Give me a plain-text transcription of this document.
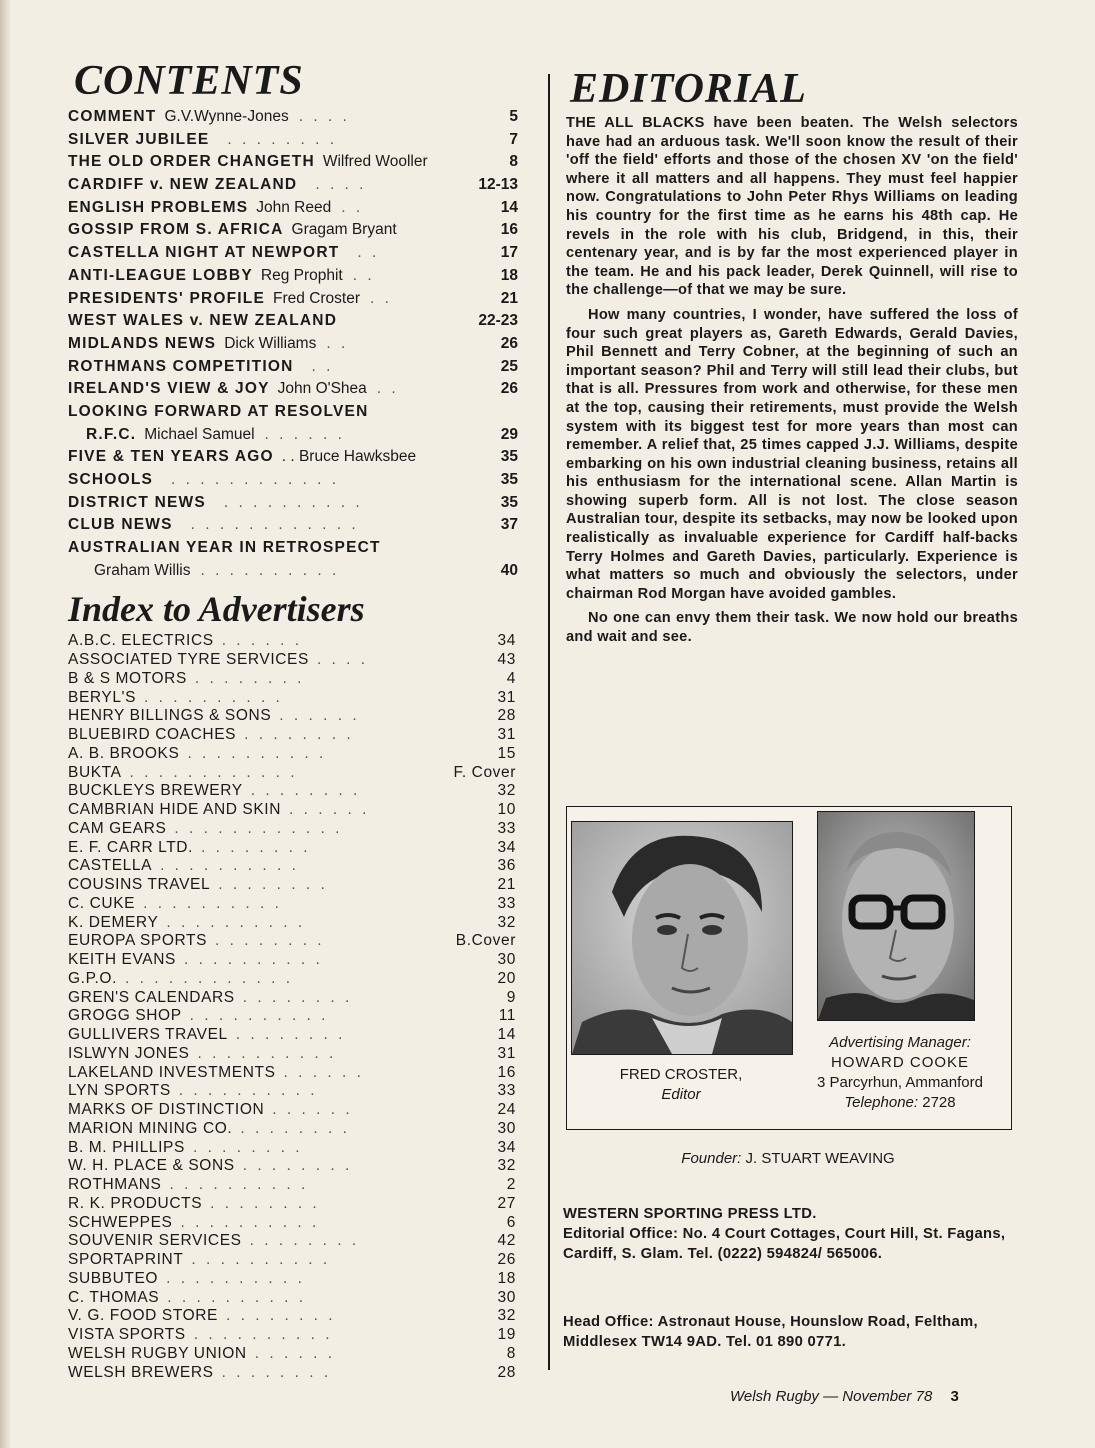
CONTENTS
COMMENT G.V.Wynne-Jones . . . .	5
SILVER JUBILEE . . . . . . . .	7
THE OLD ORDER CHANGETH Wilfred Wooller	8
CARDIFF v. NEW ZEALAND . . . .	12-13
ENGLISH PROBLEMS John Reed . .	14
GOSSIP FROM S. AFRICA Gragam Bryant	16
CASTELLA NIGHT AT NEWPORT . .	17
ANTI-LEAGUE LOBBY Reg Prophit . .	18
PRESIDENTS' PROFILE Fred Croster . .	21
WEST WALES v. NEW ZEALAND	22-23
MIDLANDS NEWS Dick Williams . .	26
ROTHMANS COMPETITION . .	25
IRELAND'S VIEW & JOY John O'Shea . .	26
LOOKING FORWARD AT RESOLVEN
R.F.C. Michael Samuel . . . . . .	29
FIVE & TEN YEARS AGO . . Bruce Hawksbee	35
SCHOOLS . . . . . . . . . . . .	35
DISTRICT NEWS . . . . . . . . . .	35
CLUB NEWS . . . . . . . . . . . .	37
AUSTRALIAN YEAR IN RETROSPECT
Graham Willis . . . . . . . . . .	40
Index to Advertisers
A.B.C. ELECTRICS . . . . . .	34
ASSOCIATED TYRE SERVICES . . . .	43
B & S MOTORS . . . . . . . .	4
BERYL'S . . . . . . . . . .	31
HENRY BILLINGS & SONS . . . . . .	28
BLUEBIRD COACHES . . . . . . . .	31
A. B. BROOKS . . . . . . . . . .	15
BUKTA . . . . . . . . . . . .	F. Cover
BUCKLEYS BREWERY . . . . . . . .	32
CAMBRIAN HIDE AND SKIN . . . . . .	10
CAM GEARS . . . . . . . . . . . .	33
E. F. CARR LTD. . . . . . . . .	34
CASTELLA . . . . . . . . . .	36
COUSINS TRAVEL . . . . . . . .	21
C. CUKE . . . . . . . . . .	33
K. DEMERY . . . . . . . . . .	32
EUROPA SPORTS . . . . . . . .	B.Cover
KEITH EVANS . . . . . . . . . .	30
G.P.O. . . . . . . . . . . . .	20
GREN'S CALENDARS . . . . . . . .	9
GROGG SHOP . . . . . . . . . .	11
GULLIVERS TRAVEL . . . . . . . .	14
ISLWYN JONES . . . . . . . . . .	31
LAKELAND INVESTMENTS . . . . . .	16
LYN SPORTS . . . . . . . . . .	33
MARKS OF DISTINCTION . . . . . .	24
MARION MINING CO. . . . . . . . .	30
B. M. PHILLIPS . . . . . . . .	34
W. H. PLACE & SONS . . . . . . . .	32
ROTHMANS . . . . . . . . . .	2
R. K. PRODUCTS . . . . . . . .	27
SCHWEPPES . . . . . . . . . .	6
SOUVENIR SERVICES . . . . . . . .	42
SPORTAPRINT . . . . . . . . . .	26
SUBBUTEO . . . . . . . . . .	18
C. THOMAS . . . . . . . . . .	30
V. G. FOOD STORE . . . . . . . .	32
VISTA SPORTS . . . . . . . . . .	19
WELSH RUGBY UNION . . . . . .	8
WELSH BREWERS . . . . . . . .	28
EDITORIAL

THE ALL BLACKS have been beaten. The Welsh selectors have had an arduous task. We'll soon know the result of their 'off the field' efforts and those of the chosen XV 'on the field' where it all matters and all happens. They must feel happier now. Congratulations to John Peter Rhys Williams on leading his country for the first time as he earns his 48th cap. He revels in the role with his club, Bridgend, in this, their centenary year, and is by far the most experienced player in the team. He and his pack leader, Derek Quinnell, will rise to the challenge—of that we may be sure.

How many countries, I wonder, have suffered the loss of four such great players as, Gareth Edwards, Gerald Davies, Phil Bennett and Terry Cobner, at the beginning of such an important season? Phil and Terry will still lead their clubs, but that is all. Pressures from work and otherwise, for these men at the top, causing their retirements, must provide the Welsh system with its biggest test for more years than most can remember. A relief that, 25 times capped J.J. Williams, despite embarking on his own industrial cleaning business, retains all his enthusiasm for the international scene. Allan Martin is showing superb form. All is not lost. The close season Australian tour, despite its setbacks, may now be looked upon realistically as invaluable experience for Cardiff half-backs Terry Holmes and Gareth Davies, particularly. Experience is what matters so much and obviously the selectors, under chairman Rod Morgan have avoided gambles.

No one can envy them their task. We now hold our breaths and wait and see.

FRED CROSTER,
Editor
Advertising Manager:
HOWARD COOKE
3 Parcyrhun, Ammanford
Telephone: 2728
Founder: J. STUART WEAVING

WESTERN SPORTING PRESS LTD.

Editorial Office: No. 4 Court Cottages, Court Hill, St. Fagans, Cardiff, S. Glam. Tel. (0222) 594824/ 565006.

Head Office: Astronaut House, Hounslow Road, Feltham, Middlesex TW14 9AD. Tel. 01 890 0771.

Welsh Rugby — November 78 3
